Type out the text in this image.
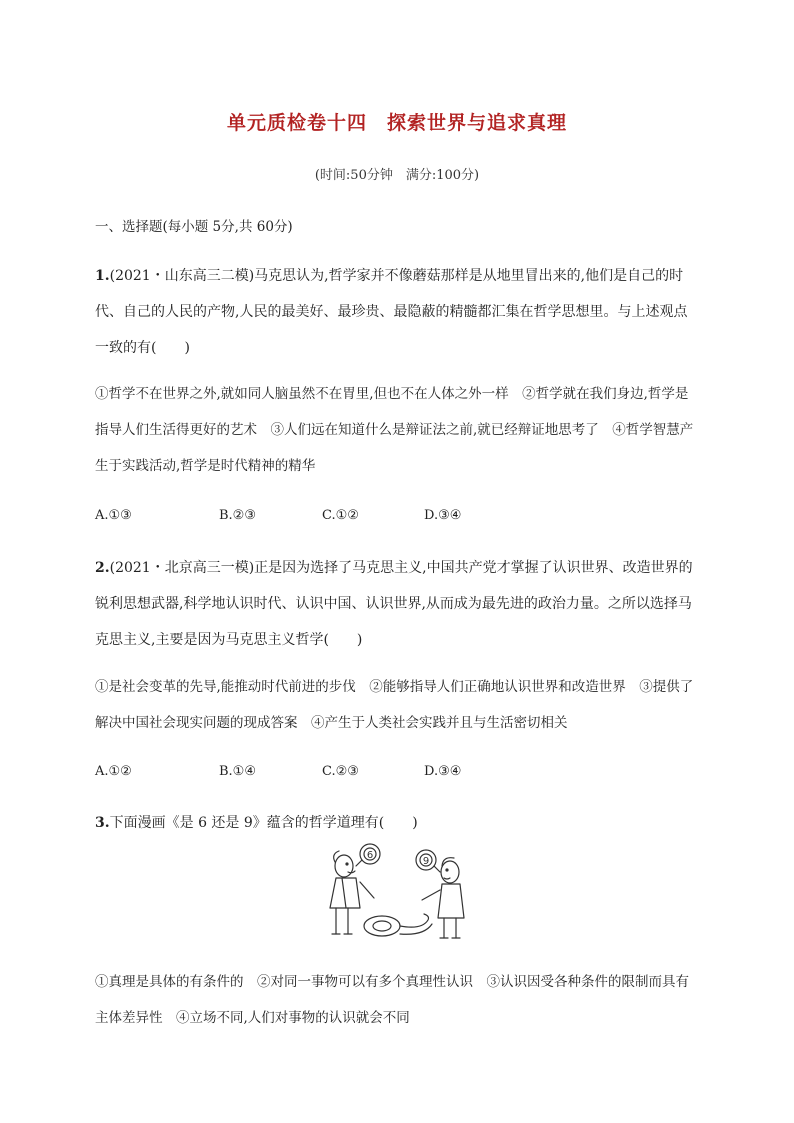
单元质检卷十四　探索世界与追求真理
(时间:50分钟　满分:100分)
一、选择题(每小题 5分,共 60分)
1.(2021・山东高三二模)马克思认为,哲学家并不像蘑菇那样是从地里冒出来的,他们是自己的时代、自己的人民的产物,人民的最美好、最珍贵、最隐蔽的精髓都汇集在哲学思想里。与上述观点一致的有(　　)
①哲学不在世界之外,就如同人脑虽然不在胃里,但也不在人体之外一样　②哲学就在我们身边,哲学是指导人们生活得更好的艺术　③人们远在知道什么是辩证法之前,就已经辩证地思考了　④哲学智慧产生于实践活动,哲学是时代精神的精华
A.①③	B.②③	C.①②	D.③④
2.(2021・北京高三一模)正是因为选择了马克思主义,中国共产党才掌握了认识世界、改造世界的锐利思想武器,科学地认识时代、认识中国、认识世界,从而成为最先进的政治力量。之所以选择马克思主义,主要是因为马克思主义哲学(　　)
①是社会变革的先导,能推动时代前进的步伐　②能够指导人们正确地认识世界和改造世界　③提供了解决中国社会现实问题的现成答案　④产生于人类社会实践并且与生活密切相关
A.①②	B.①④	C.②③	D.③④
3.下面漫画《是 6 还是 9》蕴含的哲学道理有(　　)
6
9
6
①真理是具体的有条件的　②对同一事物可以有多个真理性认识　③认识因受各种条件的限制而具有主体差异性　④立场不同,人们对事物的认识就会不同
